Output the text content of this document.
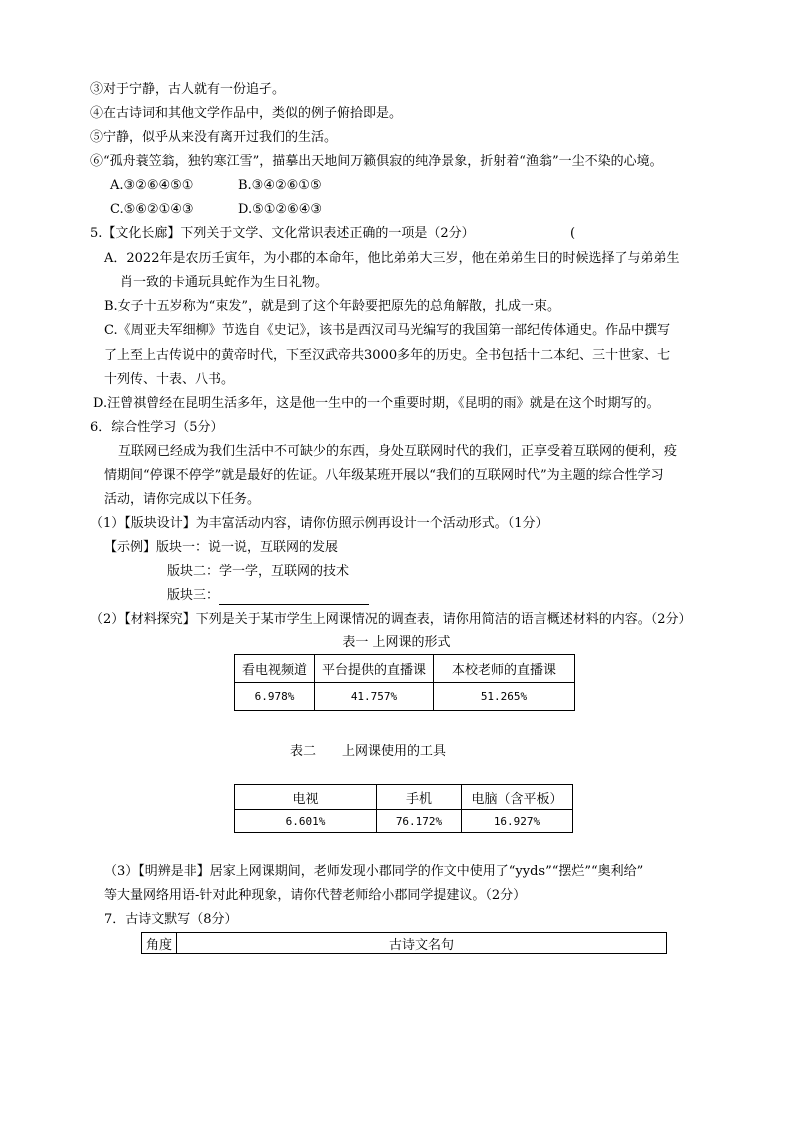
③对于宁静，古人就有一份追孑。
④在古诗词和其他文学作品中，类似的例子俯拾即是。
⑤宁静，似乎从来没有离开过我们的生活。
⑥“孤舟蓑笠翁，独钓寒江雪”，描摹出天地间万籁俱寂的纯净景象，折射着“渔翁”一尘不染的心境。
A.③②⑥④⑤①	B.③④②⑥①⑤
C.⑤⑥②①④③	D.⑤①②⑥④③
5.【文化长廊】下列关于文学、文化常识表述正确的一项是（2分）	(
A．2022年是农历壬寅年，为小郡的本命年，他比弟弟大三岁，他在弟弟生日的时候选择了与弟弟生
肖一致的卡通玩具蛇作为生日礼物。
B.女子十五岁称为“束发”，就是到了这个年龄要把原先的总角解散，扎成一束。
C.《周亚夫军细柳》节选自《史记》，该书是西汉司马光编写的我国第一部纪传体通史。作品中撰写
了上至上古传说中的黄帝时代，下至汉武帝共3000多年的历史。全书包括十二本纪、三十世家、七
十列传、十表、八书。
D.汪曾祺曾经在昆明生活多年，这是他一生中的一个重要时期，《昆明的雨》就是在这个时期写的。
6．综合性学习（5分）
互联网已经成为我们生活中不可缺少的东西，身处互联网时代的我们，正享受着互联网的便利，疫
情期间“停课不停学”就是最好的佐证。八年级某班开展以“我们的互联网时代”为主题的综合性学习
活动，请你完成以下任务。
（1）【版块设计】为丰富活动内容，请你仿照示例再设计一个活动形式。（1分）
【示例】版块一：说一说，互联网的发展
版块二：学一学，互联网的技术
版块三：
（2）【材料探究】下列是关于某市学生上网课情况的调查表，请你用简洁的语言概述材料的内容。（2分）
表一 上网课的形式
看电视频道	平台提供的直播课	本校老师的直播课
6.978%	41.757%	51.265%
表二　　上网课使用的工具
电视	手机	电脑（含平板）
6.601%	76.172%	16.927%
（3）【明辨是非】居家上网课期间，老师发现小郡同学的作文中使用了“yyds”“摆烂”“奥利给”
等大量网络用语-针对此种现象，请你代替老师给小郡同学提建议。（2分）
7．古诗文默写（8分）
角度	古诗文名句
